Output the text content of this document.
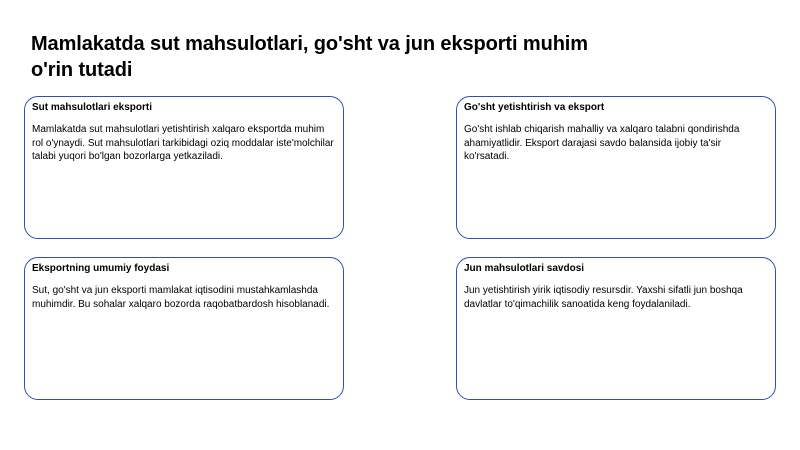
Mamlakatda sut mahsulotlari, go'sht va jun eksporti muhim o'rin tutadi
Sut mahsulotlari eksporti

Mamlakatda sut mahsulotlari yetishtirish xalqaro eksportda muhim rol o'ynaydi. Sut mahsulotlari tarkibidagi oziq moddalar iste'molchilar talabi yuqori bo'lgan bozorlarga yetkaziladi.

Go'sht yetishtirish va eksport

Go'sht ishlab chiqarish mahalliy va xalqaro talabni qondirishda ahamiyatlidir. Eksport darajasi savdo balansida ijobiy ta'sir ko'rsatadi.

Eksportning umumiy foydasi

Sut, go'sht va jun eksporti mamlakat iqtisodini mustahkamlashda muhimdir. Bu sohalar xalqaro bozorda raqobatbardosh hisoblanadi.

Jun mahsulotlari savdosi

Jun yetishtirish yirik iqtisodiy resursdir. Yaxshi sifatli jun boshqa davlatlar to'qimachilik sanoatida keng foydalaniladi.
